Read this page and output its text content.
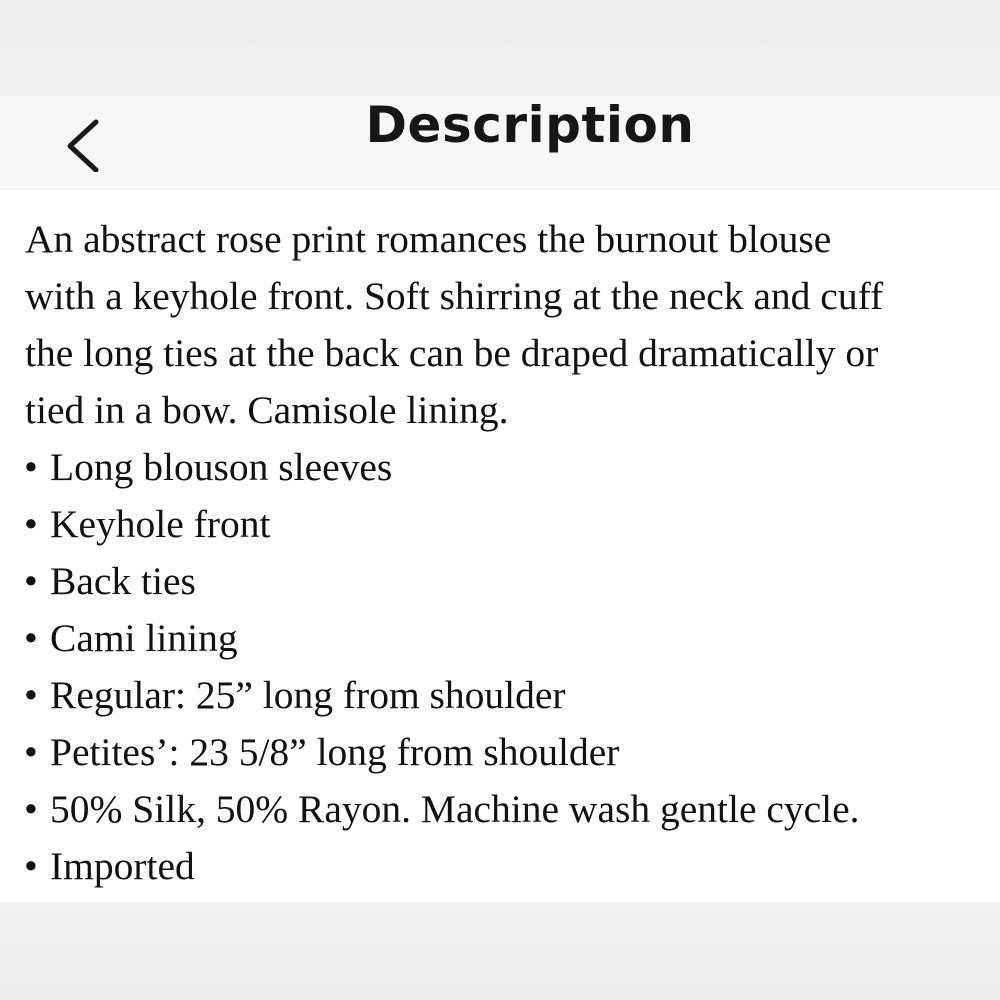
Description
An abstract rose print romances the burnout blouse
with a keyhole front. Soft shirring at the neck and cuff
the long ties at the back can be draped dramatically or
tied in a bow. Camisole lining.
• Long blouson sleeves
• Keyhole front
• Back ties
• Cami lining
• Regular: 25” long from shoulder
• Petites’: 23 5/8” long from shoulder
• 50% Silk, 50% Rayon. Machine wash gentle cycle.
• Imported
